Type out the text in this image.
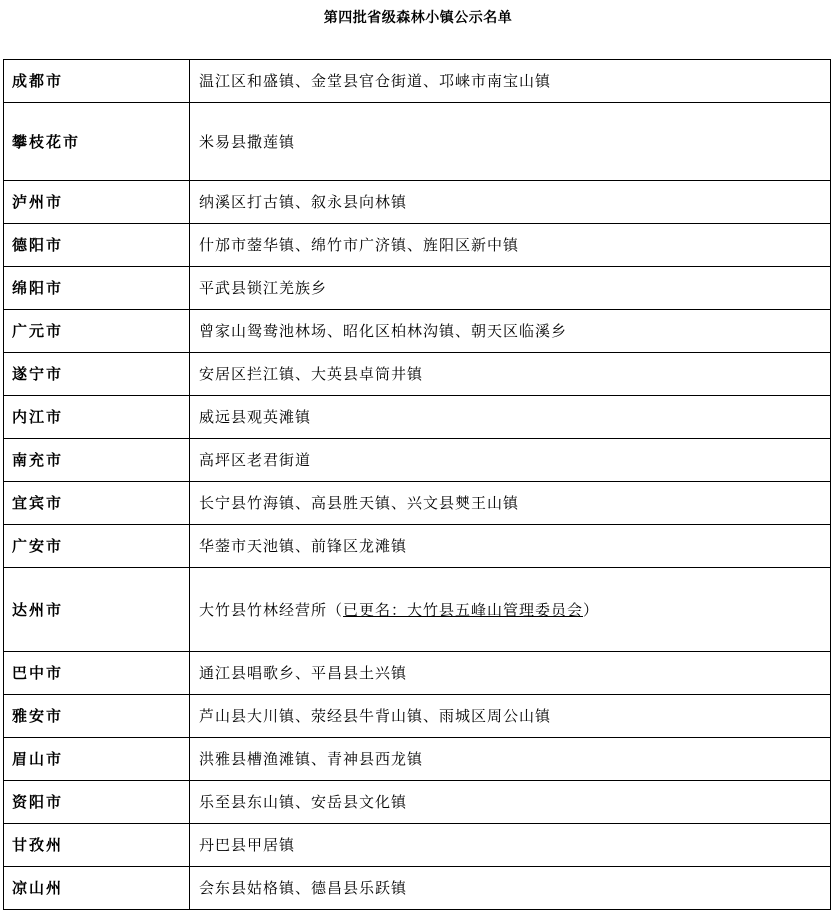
第四批省级森林小镇公示名单
成都市	温江区和盛镇、金堂县官仓街道、邛崃市南宝山镇
攀枝花市	米易县撒莲镇
泸州市	纳溪区打古镇、叙永县向林镇
德阳市	什邡市蓥华镇、绵竹市广济镇、旌阳区新中镇
绵阳市	平武县锁江羌族乡
广元市	曾家山鸳鸯池林场、昭化区柏林沟镇、朝天区临溪乡
遂宁市	安居区拦江镇、大英县卓筒井镇
内江市	威远县观英滩镇
南充市	高坪区老君街道
宜宾市	长宁县竹海镇、高县胜天镇、兴文县僰王山镇
广安市	华蓥市天池镇、前锋区龙滩镇
达州市	大竹县竹林经营所（已更名：大竹县五峰山管理委员会）
巴中市	通江县唱歌乡、平昌县土兴镇
雅安市	芦山县大川镇、荥经县牛背山镇、雨城区周公山镇
眉山市	洪雅县槽渔滩镇、青神县西龙镇
资阳市	乐至县东山镇、安岳县文化镇
甘孜州	丹巴县甲居镇
凉山州	会东县姑格镇、德昌县乐跃镇
